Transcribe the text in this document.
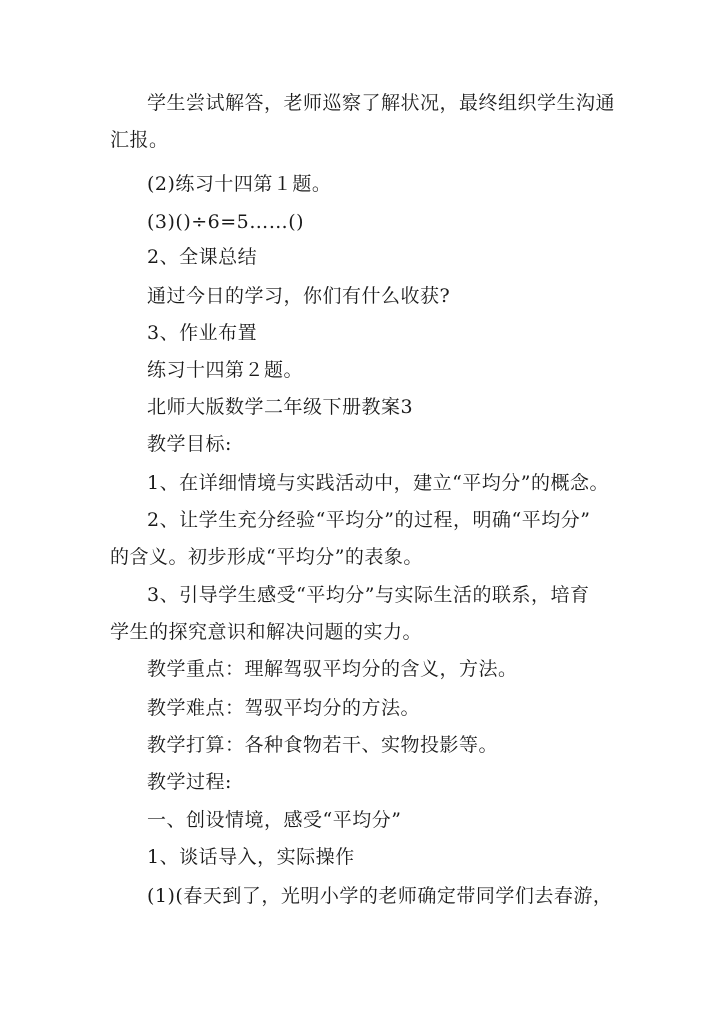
学生尝试解答，老师巡察了解状况，最终组织学生沟通
汇报。
(2)练习十四第１题。
(3)()÷6=5……()
2、全课总结
通过今日的学习，你们有什么收获?
3、作业布置
练习十四第２题。
北师大版数学二年级下册教案3
教学目标:
1、在详细情境与实践活动中，建立“平均分”的概念。
2、让学生充分经验“平均分”的过程，明确“平均分”
的含义。初步形成“平均分”的表象。
3、引导学生感受“平均分”与实际生活的联系，培育
学生的探究意识和解决问题的实力。
教学重点：理解驾驭平均分的含义，方法。
教学难点：驾驭平均分的方法。
教学打算：各种食物若干、实物投影等。
教学过程:
一、创设情境，感受“平均分”
1、谈话导入，实际操作
(1)(春天到了，光明小学的老师确定带同学们去春游，
